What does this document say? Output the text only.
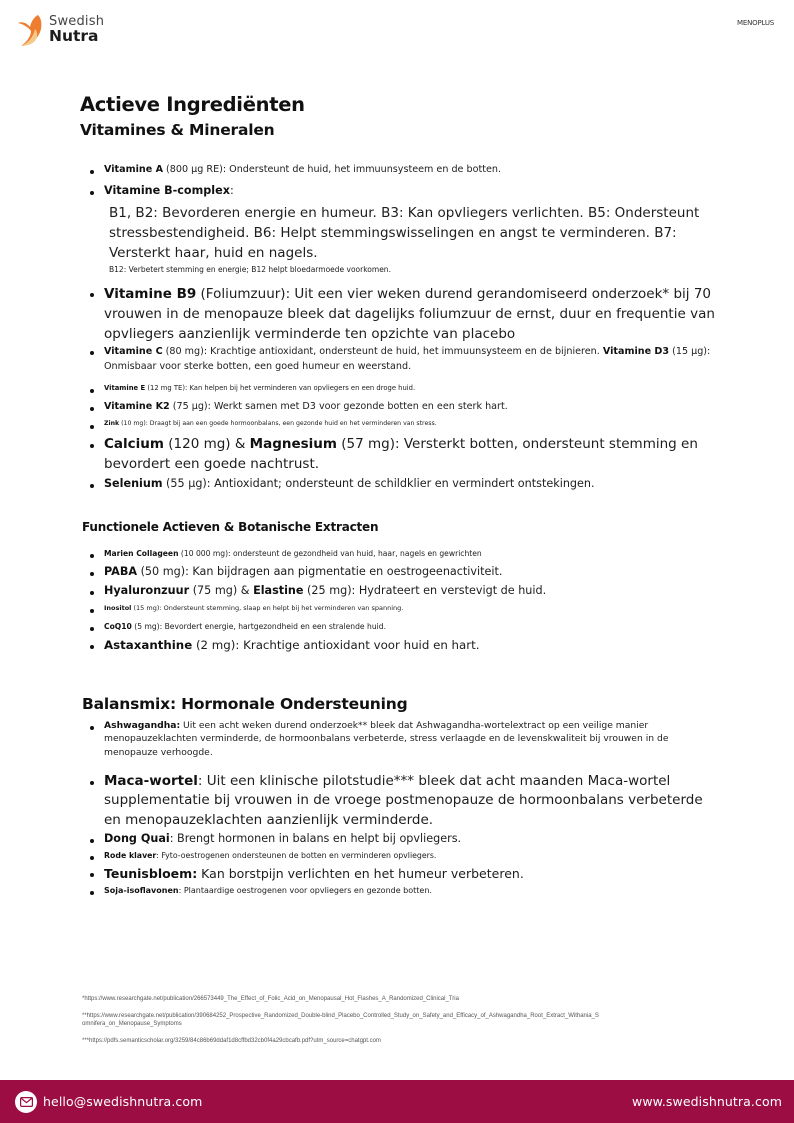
Swedish
Nutra
MENOPLUS
Actieve Ingrediënten
Vitamines & Mineralen
Vitamine A (800 µg RE): Ondersteunt de huid, het immuunsysteem en de botten.
Vitamine B-complex:
B1, B2: Bevorderen energie en humeur. B3: Kan opvliegers verlichten. B5: Ondersteunt stressbestendigheid. B6: Helpt stemmingswisselingen en angst te verminderen. B7: Versterkt haar, huid en nagels.
B12: Verbetert stemming en energie; B12 helpt bloedarmoede voorkomen.
Vitamine B9 (Foliumzuur): Uit een vier weken durend gerandomiseerd onderzoek* bij 70 vrouwen in de menopauze bleek dat dagelijks foliumzuur de ernst, duur en frequentie van opvliegers aanzienlijk verminderde ten opzichte van placebo
Vitamine C (80 mg): Krachtige antioxidant, ondersteunt de huid, het immuunsysteem en de bijnieren. Vitamine D3 (15 µg): Onmisbaar voor sterke botten, een goed humeur en weerstand.
Vitamine E (12 mg TE): Kan helpen bij het verminderen van opvliegers en een droge huid.
Vitamine K2 (75 µg): Werkt samen met D3 voor gezonde botten en een sterk hart.
Zink (10 mg): Draagt bij aan een goede hormoonbalans, een gezonde huid en het verminderen van stress.
Calcium (120 mg) & Magnesium (57 mg): Versterkt botten, ondersteunt stemming en bevordert een goede nachtrust.
Selenium (55 µg): Antioxidant; ondersteunt de schildklier en vermindert ontstekingen.
Functionele Actieven & Botanische Extracten
Marien Collageen (10 000 mg): ondersteunt de gezondheid van huid, haar, nagels en gewrichten
PABA (50 mg): Kan bijdragen aan pigmentatie en oestrogeenactiviteit.
Hyaluronzuur (75 mg) & Elastine (25 mg): Hydrateert en verstevigt de huid.
Inositol (15 mg): Ondersteunt stemming, slaap en helpt bij het verminderen van spanning.
CoQ10 (5 mg): Bevordert energie, hartgezondheid en een stralende huid.
Astaxanthine (2 mg): Krachtige antioxidant voor huid en hart.
Balansmix: Hormonale Ondersteuning
Ashwagandha: Uit een acht weken durend onderzoek** bleek dat Ashwagandha-wortelextract op een veilige manier menopauzeklachten verminderde, de hormoonbalans verbeterde, stress verlaagde en de levenskwaliteit bij vrouwen in de menopauze verhoogde.
Maca-wortel: Uit een klinische pilotstudie*** bleek dat acht maanden Maca-wortel supplementatie bij vrouwen in de vroege postmenopauze de hormoonbalans verbeterde en menopauzeklachten aanzienlijk verminderde.
Dong Quai: Brengt hormonen in balans en helpt bij opvliegers.
Rode klaver: Fyto-oestrogenen ondersteunen de botten en verminderen opvliegers.
Teunisbloem: Kan borstpijn verlichten en het humeur verbeteren.
Soja-isoflavonen: Plantaardige oestrogenen voor opvliegers en gezonde botten.

*https://www.researchgate.net/publication/266573449_The_Effect_of_Folic_Acid_on_Menopausal_Hot_Flashes_A_Randomized_Clinical_Tria

**https://www.researchgate.net/publication/390684252_Prospective_Randomized_Double-blind_Placebo_Controlled_Study_on_Safety_and_Efficacy_of_Ashwagandha_Root_Extract_Withania_Somnifera_on_Menopause_Symptoms

***https://pdfs.semanticscholar.org/3259/84c86b69ddaf1d8cffbd32cb0f4a29cbcafb.pdf?utm_source=chatgpt.com

hello@swedishnutra.com	www.swedishnutra.com
